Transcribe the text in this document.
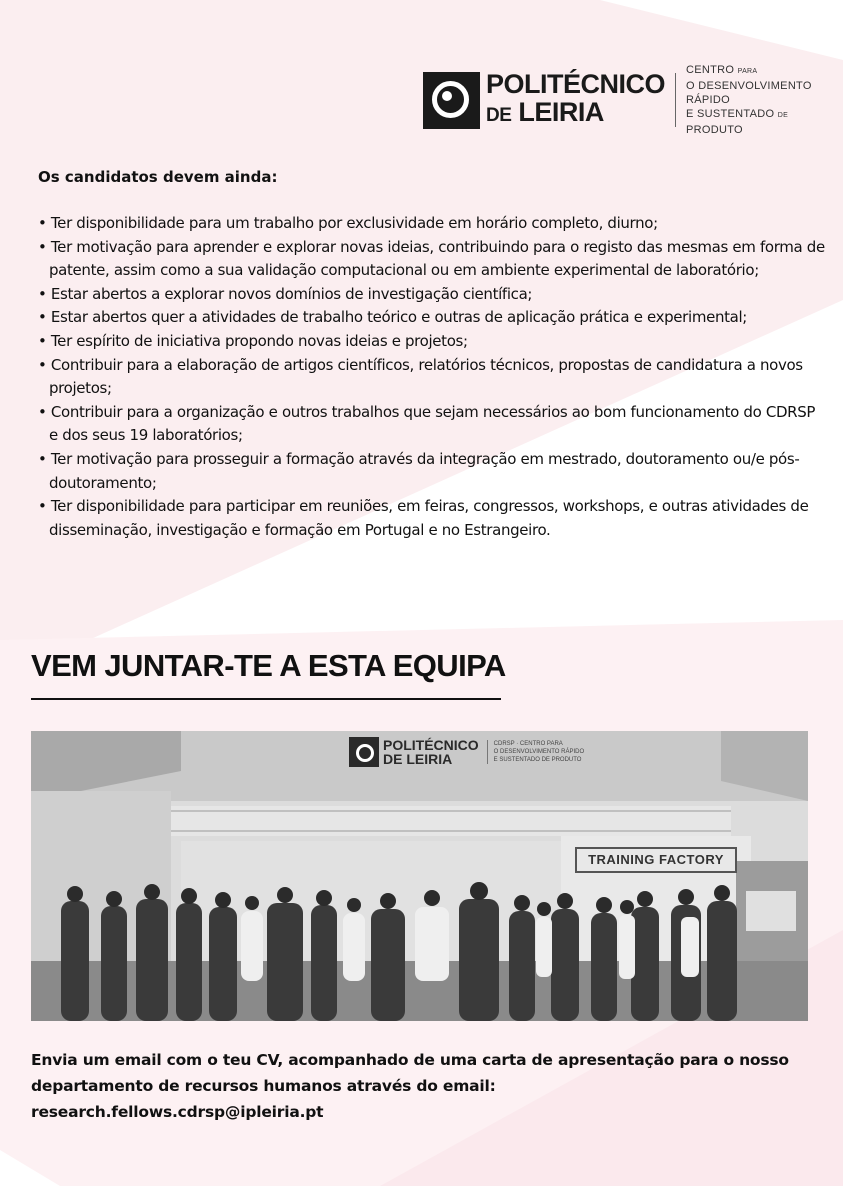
POLITÉCNICO
DE LEIRIA
CENTRO PARA
O DESENVOLVIMENTO RÁPIDO
E SUSTENTADO DE PRODUTO
Os candidatos devem ainda:
• Ter disponibilidade para um trabalho por exclusividade em horário completo, diurno;
• Ter motivação para aprender e explorar novas ideias, contribuindo para o registo das mesmas em forma de patente, assim como a sua validação computacional ou em ambiente experimental de laboratório;
• Estar abertos a explorar novos domínios de investigação científica;
• Estar abertos quer a atividades de trabalho teórico e outras de aplicação prática e experimental;
• Ter espírito de iniciativa propondo novas ideias e projetos;
• Contribuir para a elaboração de artigos científicos, relatórios técnicos, propostas de candidatura a novos projetos;
• Contribuir para a organização e outros trabalhos que sejam necessários ao bom funcionamento do CDRSP e dos seus 19 laboratórios;
• Ter motivação para prosseguir a formação através da integração em mestrado, doutoramento ou/e pós-doutoramento;
• Ter disponibilidade para participar em reuniões, em feiras, congressos, workshops, e outras atividades de disseminação, investigação e formação em Portugal e no Estrangeiro.
VEM JUNTAR-TE A ESTA EQUIPA
POLITÉCNICO
DE LEIRIA
CDRSP · CENTRO PARA
O DESENVOLVIMENTO RÁPIDO
E SUSTENTADO DE PRODUTO
TRAINING FACTORY
Envia um email com o teu CV, acompanhado de uma carta de apresentação para o nosso departamento de recursos humanos através do email:
research.fellows.cdrsp@ipleiria.pt
